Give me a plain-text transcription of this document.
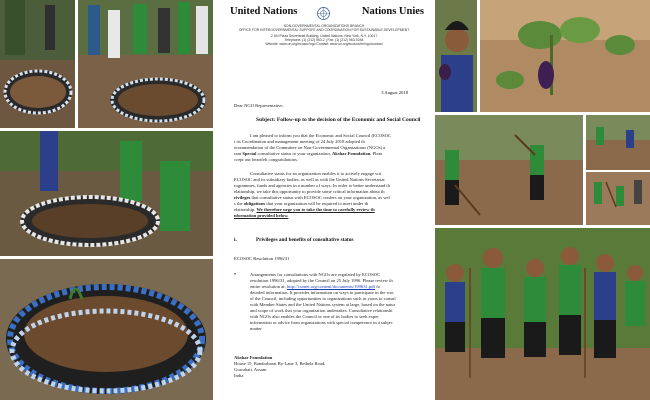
United Nations	Nations Unies
NON-GOVERNMENTAL ORGANIZATIONS BRANCH
OFFICE FOR INTERGOVERNMENTAL SUPPORT AND COORDINATION FOR SUSTAINABLE DEVELOPMENT
2 UN Plaza Secretariat Building, United Nations, New York, N.Y. 10017
Telephone: (1) (212) 963-2 | Fax: (1) (212) 963-9248
Website: www.un.org/ecosoc/ngo Contact: www.un.org/ecosoc/en/ngo/contact
3 August 2018
Dear NGO Representative,
Subject: Follow-up to the decision of the Economic and Social Council
I am pleased to inform you that the Economic and Social Council (ECOSOC
t its Coordination and management meeting of 24 July 2018 adopted th
ecommendation of the Committee on Non-Governmental Organizations (NGOs) a
rant Special consultative status to your organization, Akshar Foundation. Pleas
ccept our heartfelt congratulations.
Consultative status for an organization enables it to actively engage wit
ECOSOC and its subsidiary bodies, as well as with the United Nations Secretariat
rogrammes, funds and agencies in a number of ways. In order to better understand th
elationship, we take this opportunity to provide some critical information about th
rivileges that consultative status with ECOSOC confers on your organization, as wel
s the obligations that your organization will be required to meet under th
elationship. We therefore urge you to take the time to carefully review th
nformation provided below.
i.	Privileges and benefits of consultative status
ECOSOC Resolution 1996/31
•	Arrangements for consultations with NGOs are regulated by ECOSOC
resolution 1996/31, adopted by the Council on 25 July 1996. Please review th
entire resolution at: http://csonet.org/content/documents/199631.pdf fo
detailed information. It provides information on ways to participate in the wor
of the Council, including opportunities to organizations such as yours to consul
with Member States and the United Nations system at large, based on the natur
and scope of work that your organization undertakes. Consultative relationshi
with NGOs also enables the Council or one of its bodies to seek exper
information or advice from organizations with special competence in a subjec
matter.
Akshar Foundation
House 15, Bandorbarat By-Lane 3, Bethela Road,
Guwahati, Assam
India
